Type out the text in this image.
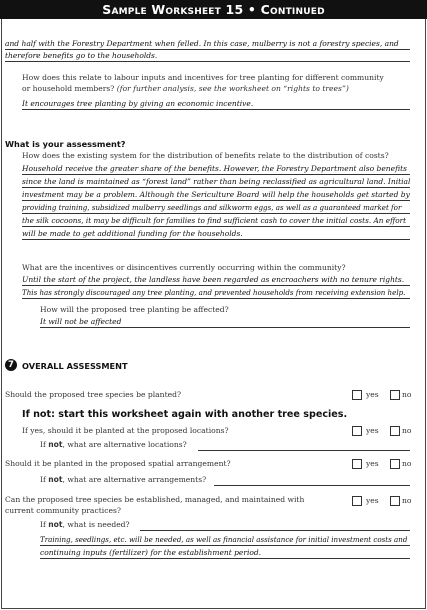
Sample Worksheet 15 • Continued
and half with the Forestry Department when felled. In this case, mulberry is not a forestry species, and
therefore benefits go to the households.
How does this relate to labour inputs and incentives for tree planting for different community
or household members? (for further analysis, see the worksheet on “rights to trees”)
It encourages tree planting by giving an economic incentive.
What is your assessment?
How does the existing system for the distribution of benefits relate to the distribution of costs?
Household receive the greater share of the benefits. However, the Forestry Department also benefits
since the land is maintained as “forest land” rather than being reclassified as agricultural land. Initial
investment may be a problem. Although the Sericulture Board will help the households get started by
providing training, subsidized mulberry seedlings and silkworm eggs, as well as a guaranteed market for
the silk cocoons, it may be difficult for families to find sufficient cash to cover the initial costs. An effort
will be made to get additional funding for the households.
What are the incentives or disincentives currently occurring within the community?
Until the start of the project, the landless have been regarded as encroachers with no tenure rights.
This has strongly discouraged any tree planting, and prevented households from receiving extension help.
How will the proposed tree planting be affected?
It will not be affected
7 OVERALL ASSESSMENT
Should the proposed tree species be planted?	yes	no
If not: start this worksheet again with another tree species.
If yes, should it be planted at the proposed locations?	yes	no
If not, what are alternative locations?
Should it be planted in the proposed spatial arrangement?	yes	no
If not, what are alternative arrangements?
Can the proposed tree species be established, managed, and maintained with
current community practices?
yes	no
If not, what is needed?
Training, seedlings, etc. will be needed, as well as financial assistance for initial investment costs and
continuing inputs (fertilizer) for the establishment period.
